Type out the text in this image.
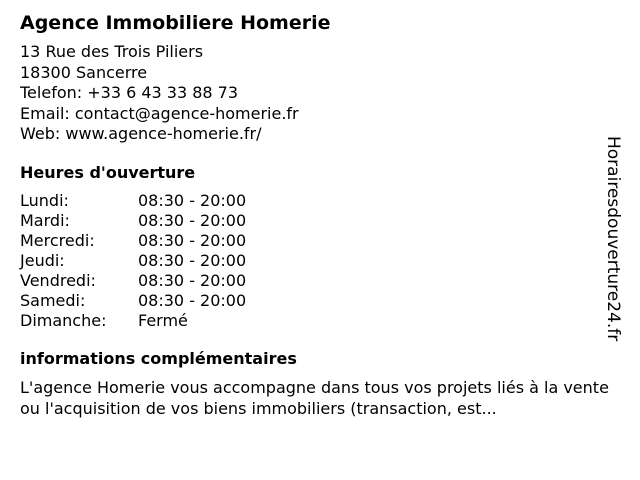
Agence Immobiliere Homerie
13 Rue des Trois Piliers
18300 Sancerre
Telefon: +33 6 43 33 88 73
Email: contact@agence-homerie.fr
Web: www.agence-homerie.fr/
Heures d'ouverture
Lundi:	08:30 - 20:00
Mardi:	08:30 - 20:00
Mercredi:	08:30 - 20:00
Jeudi:	08:30 - 20:00
Vendredi:	08:30 - 20:00
Samedi:	08:30 - 20:00
Dimanche:	Fermé
informations complémentaires
L'agence Homerie vous accompagne dans tous vos projets liés à la vente ou l'acquisition de vos biens immobiliers (transaction, est...
Horairesdouverture24.fr
